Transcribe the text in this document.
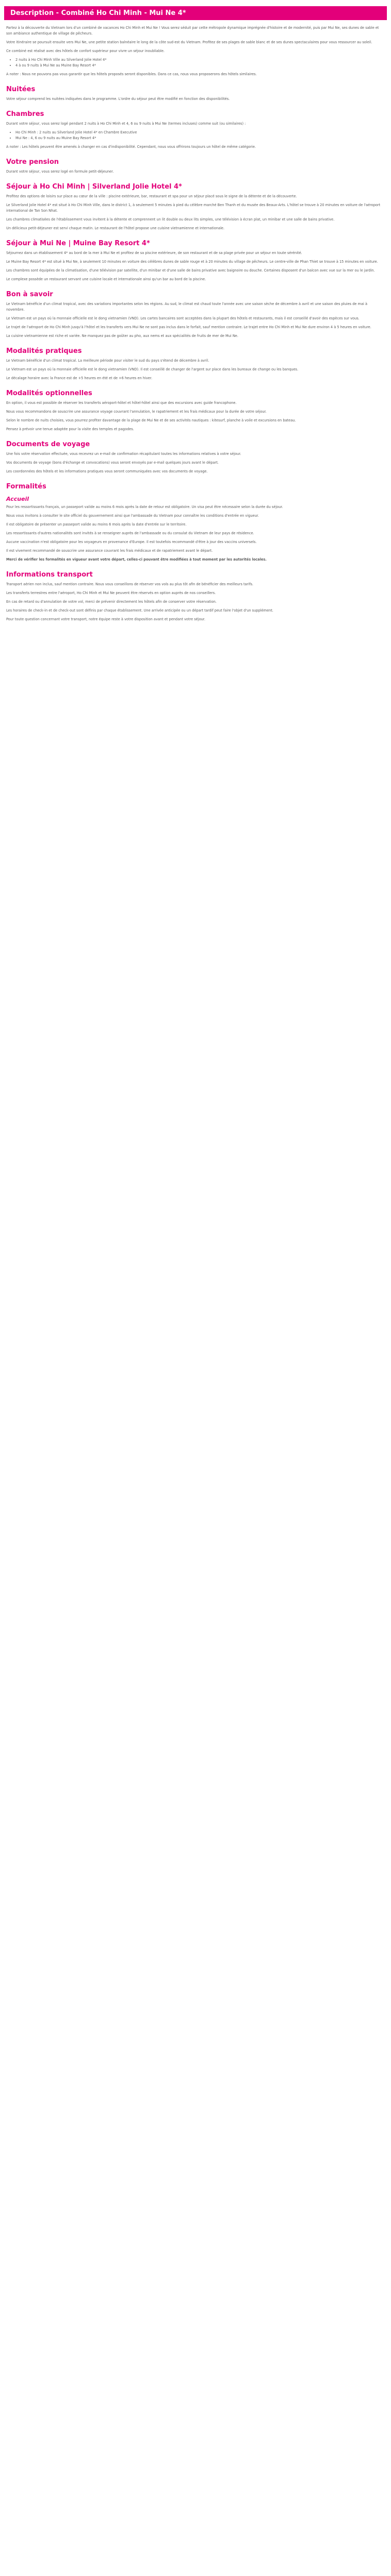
Description - Combiné Ho Chi Minh - Mui Ne 4*

Partez à la découverte du Vietnam lors d'un combiné de vacances Ho Chi Minh et Mui Ne ! Vous serez séduit par cette métropole dynamique imprégnée d'histoire et de modernité, puis par Mui Ne, ses dunes de sable et son ambiance authentique de village de pêcheurs.

Votre itinéraire se poursuit ensuite vers Mui Ne, une petite station balnéaire le long de la côte sud-est du Vietnam. Profitez de ses plages de sable blanc et de ses dunes spectaculaires pour vous ressourcer au soleil.

Ce combiné est réalisé avec des hôtels de confort supérieur pour vivre un séjour inoubliable.

• 2 nuits à Ho Chi Minh Ville au Silverland Jolie Hotel 4*
• 4 à ou 9 nuits à Mui Ne au Muine Bay Resort 4*

A noter : Nous ne pouvons pas vous garantir que les hôtels proposés seront disponibles. Dans ce cas, nous vous proposerons des hôtels similaires.

Nuitées

Votre séjour comprend les nuitées indiquées dans le programme. L'ordre du séjour peut être modifié en fonction des disponibilités.

Chambres

Durant votre séjour, vous serez logé pendant 2 nuits à Ho Chi Minh et 4, 6 ou 9 nuits à Mui Ne (termes incluses) comme suit (ou similaires) :

• Ho Chi Minh : 2 nuits au Silverland Jolie Hotel 4* en Chambre Executive
• Mui Ne : 4, 6 ou 9 nuits au Muine Bay Resort 4*

A noter : Les hôtels peuvent être amenés à changer en cas d'indisponibilité. Cependant, nous vous offrirons toujours un hôtel de même catégorie.

Votre pension

Durant votre séjour, vous serez logé en formule petit-déjeuner.

Séjour à Ho Chi Minh | Silverland Jolie Hotel 4*

Profitez des options de loisirs sur place au cœur de la ville : piscine extérieure, bar, restaurant et spa pour un séjour placé sous le signe de la détente et de la découverte.

Le Silverland Jolie Hotel 4* est situé à Ho Chi Minh Ville, dans le district 1, à seulement 5 minutes à pied du célèbre marché Ben Thanh et du musée des Beaux-Arts. L'hôtel se trouve à 20 minutes en voiture de l'aéroport international de Tan Son Nhat.

Les chambres climatisées de l'établissement vous invitent à la détente et comprennent un lit double ou deux lits simples, une télévision à écran plat, un minibar et une salle de bains privative.

Un délicieux petit-déjeuner est servi chaque matin. Le restaurant de l'hôtel propose une cuisine vietnamienne et internationale.

Séjour à Mui Ne | Muine Bay Resort 4*

Séjournez dans un établissement 4* au bord de la mer à Mui Ne et profitez de sa piscine extérieure, de son restaurant et de sa plage privée pour un séjour en toute sérénité.

Le Muine Bay Resort 4* est situé à Mui Ne, à seulement 10 minutes en voiture des célèbres dunes de sable rouge et à 20 minutes du village de pêcheurs. Le centre-ville de Phan Thiet se trouve à 15 minutes en voiture.

Les chambres sont équipées de la climatisation, d'une télévision par satellite, d'un minibar et d'une salle de bains privative avec baignoire ou douche. Certaines disposent d'un balcon avec vue sur la mer ou le jardin.

Le complexe possède un restaurant servant une cuisine locale et internationale ainsi qu'un bar au bord de la piscine.

Bon à savoir

Le Vietnam bénéficie d'un climat tropical, avec des variations importantes selon les régions. Au sud, le climat est chaud toute l'année avec une saison sèche de décembre à avril et une saison des pluies de mai à novembre.

Le Vietnam est un pays où la monnaie officielle est le dong vietnamien (VND). Les cartes bancaires sont acceptées dans la plupart des hôtels et restaurants, mais il est conseillé d'avoir des espèces sur vous.

Le trajet de l'aéroport de Ho Chi Minh jusqu'à l'hôtel et les transferts vers Mui Ne ne sont pas inclus dans le forfait, sauf mention contraire. Le trajet entre Ho Chi Minh et Mui Ne dure environ 4 à 5 heures en voiture.

La cuisine vietnamienne est riche et variée. Ne manquez pas de goûter au pho, aux nems et aux spécialités de fruits de mer de Mui Ne.

Modalités pratiques

Le Vietnam bénéficie d'un climat tropical. La meilleure période pour visiter le sud du pays s'étend de décembre à avril.

Le Vietnam est un pays où la monnaie officielle est le dong vietnamien (VND). Il est conseillé de changer de l'argent sur place dans les bureaux de change ou les banques.

Le décalage horaire avec la France est de +5 heures en été et de +6 heures en hiver.

Modalités optionnelles

En option, il vous est possible de réserver les transferts aéroport-hôtel et hôtel-hôtel ainsi que des excursions avec guide francophone.

Nous vous recommandons de souscrire une assurance voyage couvrant l'annulation, le rapatriement et les frais médicaux pour la durée de votre séjour.

Selon le nombre de nuits choisies, vous pourrez profiter davantage de la plage de Mui Ne et de ses activités nautiques : kitesurf, planche à voile et excursions en bateau.

Pensez à prévoir une tenue adaptée pour la visite des temples et pagodes.

Documents de voyage

Une fois votre réservation effectuée, vous recevrez un e-mail de confirmation récapitulant toutes les informations relatives à votre séjour.

Vos documents de voyage (bons d'échange et convocations) vous seront envoyés par e-mail quelques jours avant le départ.

Les coordonnées des hôtels et les informations pratiques vous seront communiquées avec vos documents de voyage.

Formalités
Accueil

Pour les ressortissants français, un passeport valide au moins 6 mois après la date de retour est obligatoire. Un visa peut être nécessaire selon la durée du séjour.

Nous vous invitons à consulter le site officiel du gouvernement ainsi que l'ambassade du Vietnam pour connaître les conditions d'entrée en vigueur.

Il est obligatoire de présenter un passeport valide au moins 6 mois après la date d'entrée sur le territoire.

Les ressortissants d'autres nationalités sont invités à se renseigner auprès de l'ambassade ou du consulat du Vietnam de leur pays de résidence.

Aucune vaccination n'est obligatoire pour les voyageurs en provenance d'Europe. Il est toutefois recommandé d'être à jour des vaccins universels.

Il est vivement recommandé de souscrire une assurance couvrant les frais médicaux et de rapatriement avant le départ.

Merci de vérifier les formalités en vigueur avant votre départ, celles-ci pouvant être modifiées à tout moment par les autorités locales.

Informations transport

Transport aérien non inclus, sauf mention contraire. Nous vous conseillons de réserver vos vols au plus tôt afin de bénéficier des meilleurs tarifs.

Les transferts terrestres entre l'aéroport, Ho Chi Minh et Mui Ne peuvent être réservés en option auprès de nos conseillers.

En cas de retard ou d'annulation de votre vol, merci de prévenir directement les hôtels afin de conserver votre réservation.

Les horaires de check-in et de check-out sont définis par chaque établissement. Une arrivée anticipée ou un départ tardif peut faire l'objet d'un supplément.

Pour toute question concernant votre transport, notre équipe reste à votre disposition avant et pendant votre séjour.
